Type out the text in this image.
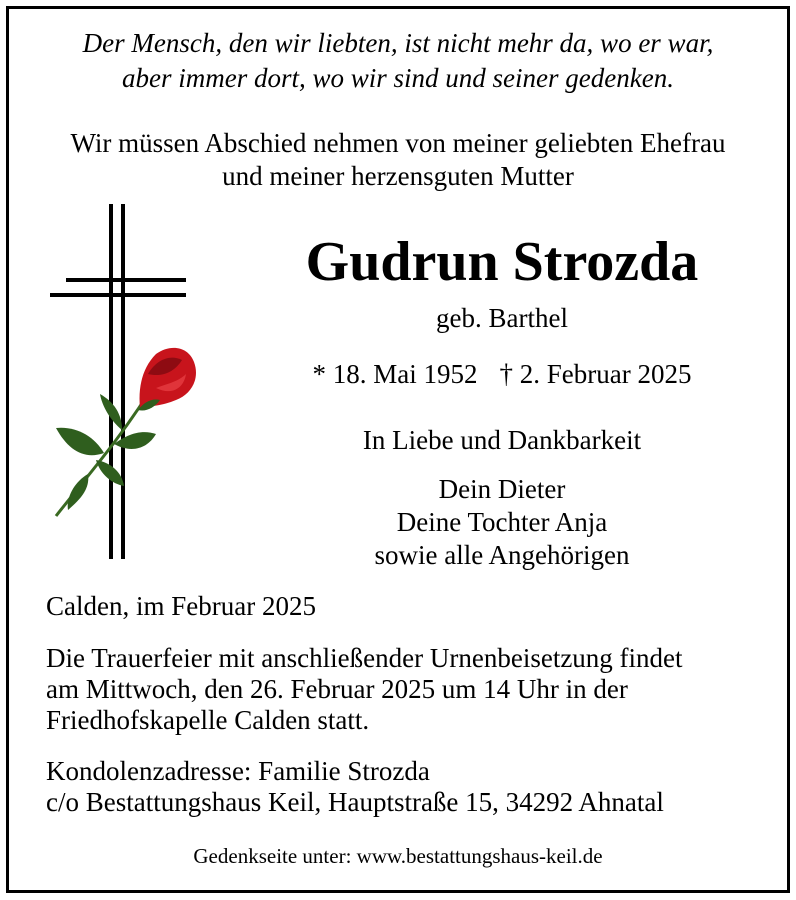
Der Mensch, den wir liebten, ist nicht mehr da, wo er war,
aber immer dort, wo wir sind und seiner gedenken.
Wir müssen Abschied nehmen von meiner geliebten Ehefrau
und meiner herzensguten Mutter
Gudrun Strozda
geb. Barthel
* 18. Mai 1952 † 2. Februar 2025
In Liebe und Dankbarkeit
Dein Dieter
Deine Tochter Anja
sowie alle Angehörigen
Calden, im Februar 2025
Die Trauerfeier mit anschließender Urnenbeisetzung findet
am Mittwoch, den 26. Februar 2025 um 14 Uhr in der
Friedhofskapelle Calden statt.
Kondolenzadresse: Familie Strozda
c/o Bestattungshaus Keil, Hauptstraße 15, 34292 Ahnatal
Gedenkseite unter: www.bestattungshaus-keil.de
